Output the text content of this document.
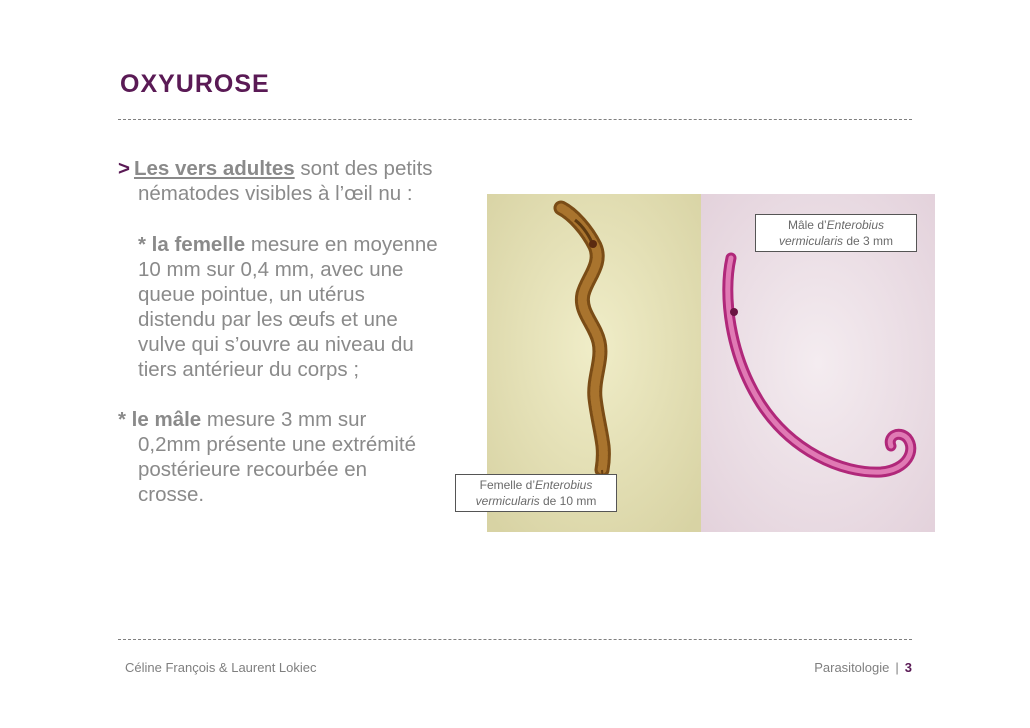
OXYUROSE

> Les vers adultes sont des petits
nématodes visibles à l’œil nu :

* la femelle mesure en moyenne
10 mm sur 0,4 mm, avec une
queue pointue, un utérus
distendu par les œufs et une
vulve qui s’ouvre au niveau du
tiers antérieur du corps ;

* le mâle mesure 3 mm sur
0,2mm présente une extrémité
postérieure recourbée en
crosse.

Mâle d’Enterobius
vermicularis de 3 mm
Femelle d’Enterobius
vermicularis de 10 mm
Céline François & Laurent Lokiec	Parasitologie | 3
